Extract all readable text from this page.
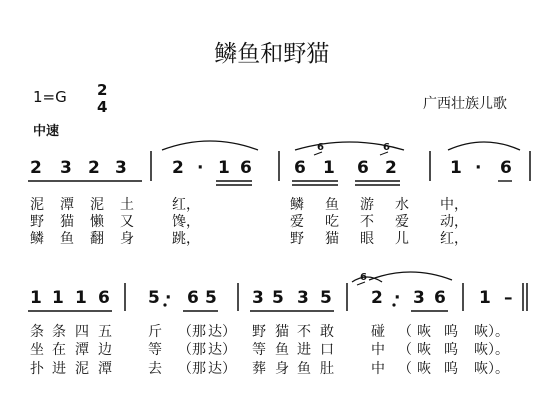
鳞鱼和野猫

1=G 2
4
中速
广西壮族儿歌
2 3 2 3	2 · 1 6 6 1 6 2	1 · 6
6	6
1 1 1 6 5 · 6 5 3 5 3 5 2 · 3 6
6
1 –
泥 潭 泥 土	红，	鳞 鱼 游 水 中，
野 猫 懒 又	馋，	爱 吃 不 爱 动，
鳞 鱼 翻 身	跳，	野 猫 眼 儿 红，
条 条 四 五	斤 （那 达） 野 猫 不 敢	碰 （ 咴 呜 咴）。
坐 在 潭 边	等 （那 达） 等 鱼 进 口	中 （ 咴 呜 咴）。
扑 进 泥 潭	去 （那 达） 葬 身 鱼 肚	中 （ 咴 呜 咴）。
